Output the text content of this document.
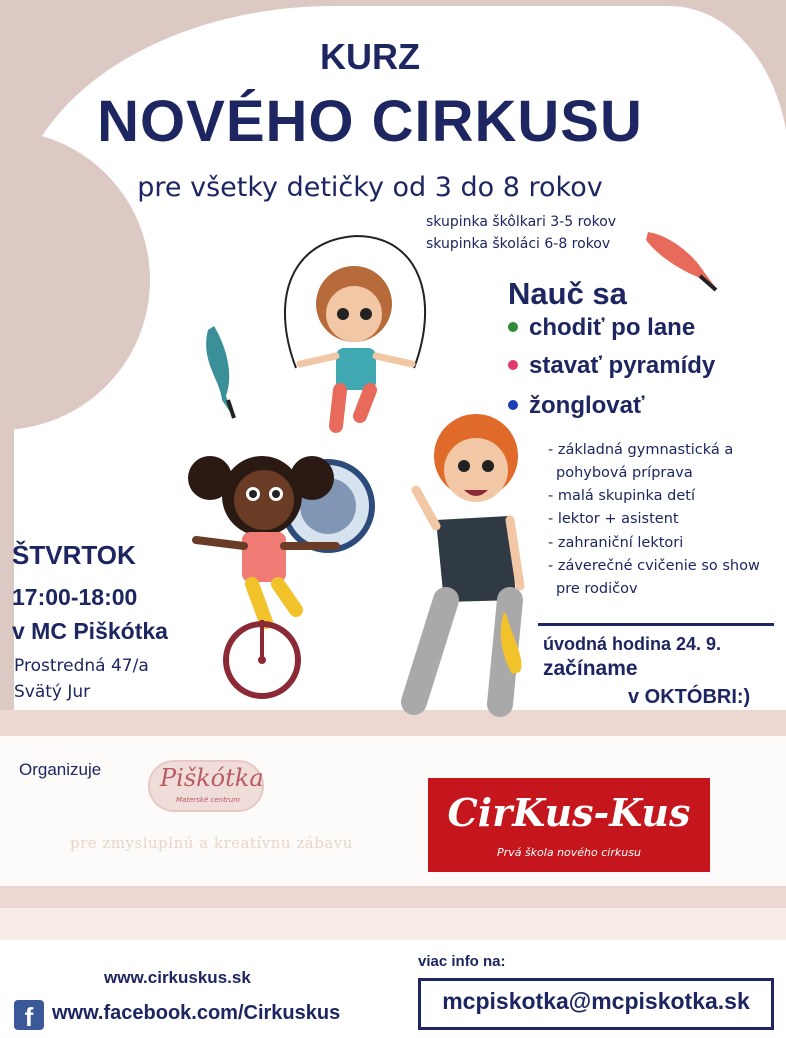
KURZ
NOVÉHO CIRKUSU
pre všetky detičky od 3 do 8 rokov
skupinka škôlkari 3-5 rokov
skupinka školáci 6-8 rokov
Nauč sa
chodiť po lane
stavať pyramídy
žonglovať
- základná gymnastická a
pohybová príprava
- malá skupinka detí
- lektor + asistent
- zahraniční lektori
- záverečné cvičenie so show
pre rodičov
ŠTVRTOK
17:00-18:00
v MC Piškótka
Prostredná 47/a
Svätý Jur
úvodná hodina 24. 9.
začíname
v OKTÓBRI:)
Organizuje Piškótka
Materské centrum
pre zmysluplnú a kreatívnu zábavu
CirKus-Kus
Prvá škola nového cirkusu
www.cirkuskus.sk
f www.facebook.com/Cirkuskus
viac info na:
mcpiskotka@mcpiskotka.sk
